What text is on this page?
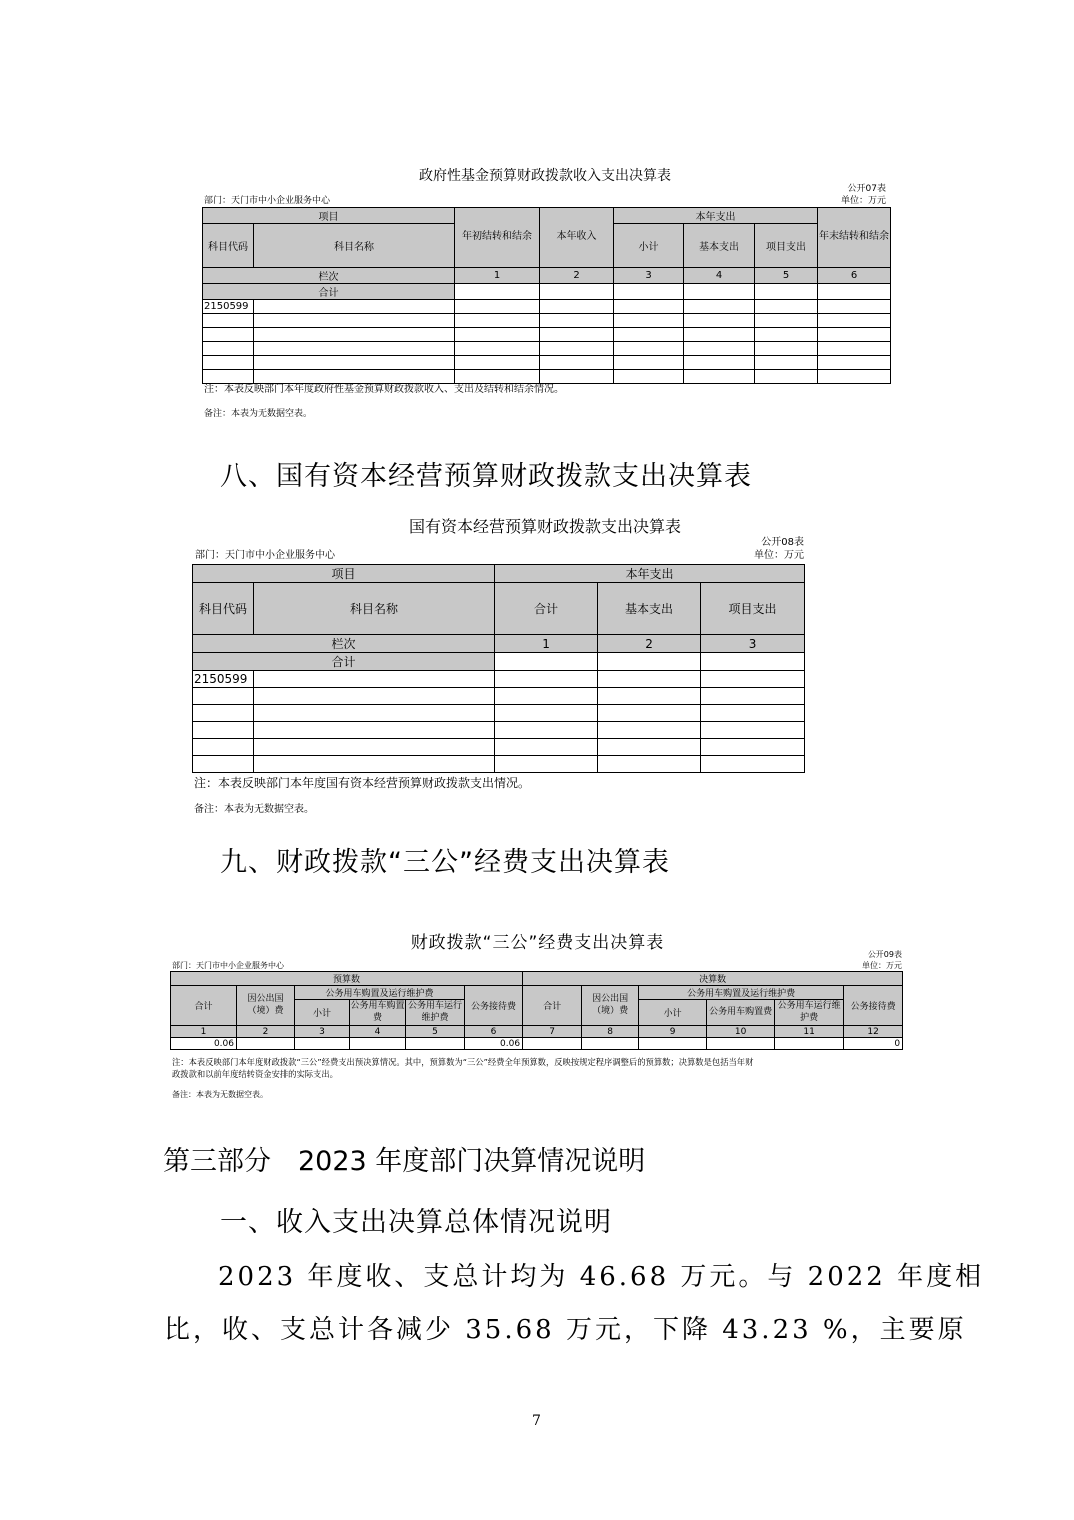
政府性基金预算财政拨款收入支出决算表
公开07表
部门：天门市中小企业服务中心	单位：万元
项目		年初结转和结余	本年收入	本年支出			年末结转和结余
科目代码	科目名称			小计	基本支出	项目支出	
栏次		1	2	3	4	5	6
合计							
2150599							

注：本表反映部门本年度政府性基金预算财政拨款收入、支出及结转和结余情况。
备注：本表为无数据空表。
八、国有资本经营预算财政拨款支出决算表
国有资本经营预算财政拨款支出决算表
公开08表
部门：天门市中小企业服务中心	单位：万元
项目		本年支出		
科目代码	科目名称	合计	基本支出	项目支出
栏次		1	2	3
合计				
2150599				

注：本表反映部门本年度国有资本经营预算财政拨款支出情况。
备注：本表为无数据空表。
九、财政拨款“三公”经费支出决算表
财政拨款“三公”经费支出决算表
公开09表
部门：天门市中小企业服务中心	单位：万元
预算数						决算数					
合计	因公出国（境）费	公务用车购置及运行维护费			公务接待费	合计	因公出国（境）费	公务用车购置及运行维护费			公务接待费
		小计	公务用车购置费	公务用车运行维护费				小计	公务用车购置费	公务用车运行维护费	
1	2	3	4	5	6	7	8	9	10	11	12
0.06					0.06						0
注：本表反映部门本年度财政拨款“三公”经费支出预决算情况。其中，预算数为“三公”经费全年预算数，反映按规定程序调整后的预算数；决算数是包括当年财
政拨款和以前年度结转资金安排的实际支出。
备注：本表为无数据空表。
第三部分　2023 年度部门决算情况说明
一、收入支出决算总体情况说明
2023 年度收、支总计均为 46.68 万元。与 2022 年度相
比，收、支总计各减少 35.68 万元，下降 43.23 %，主要原
7
